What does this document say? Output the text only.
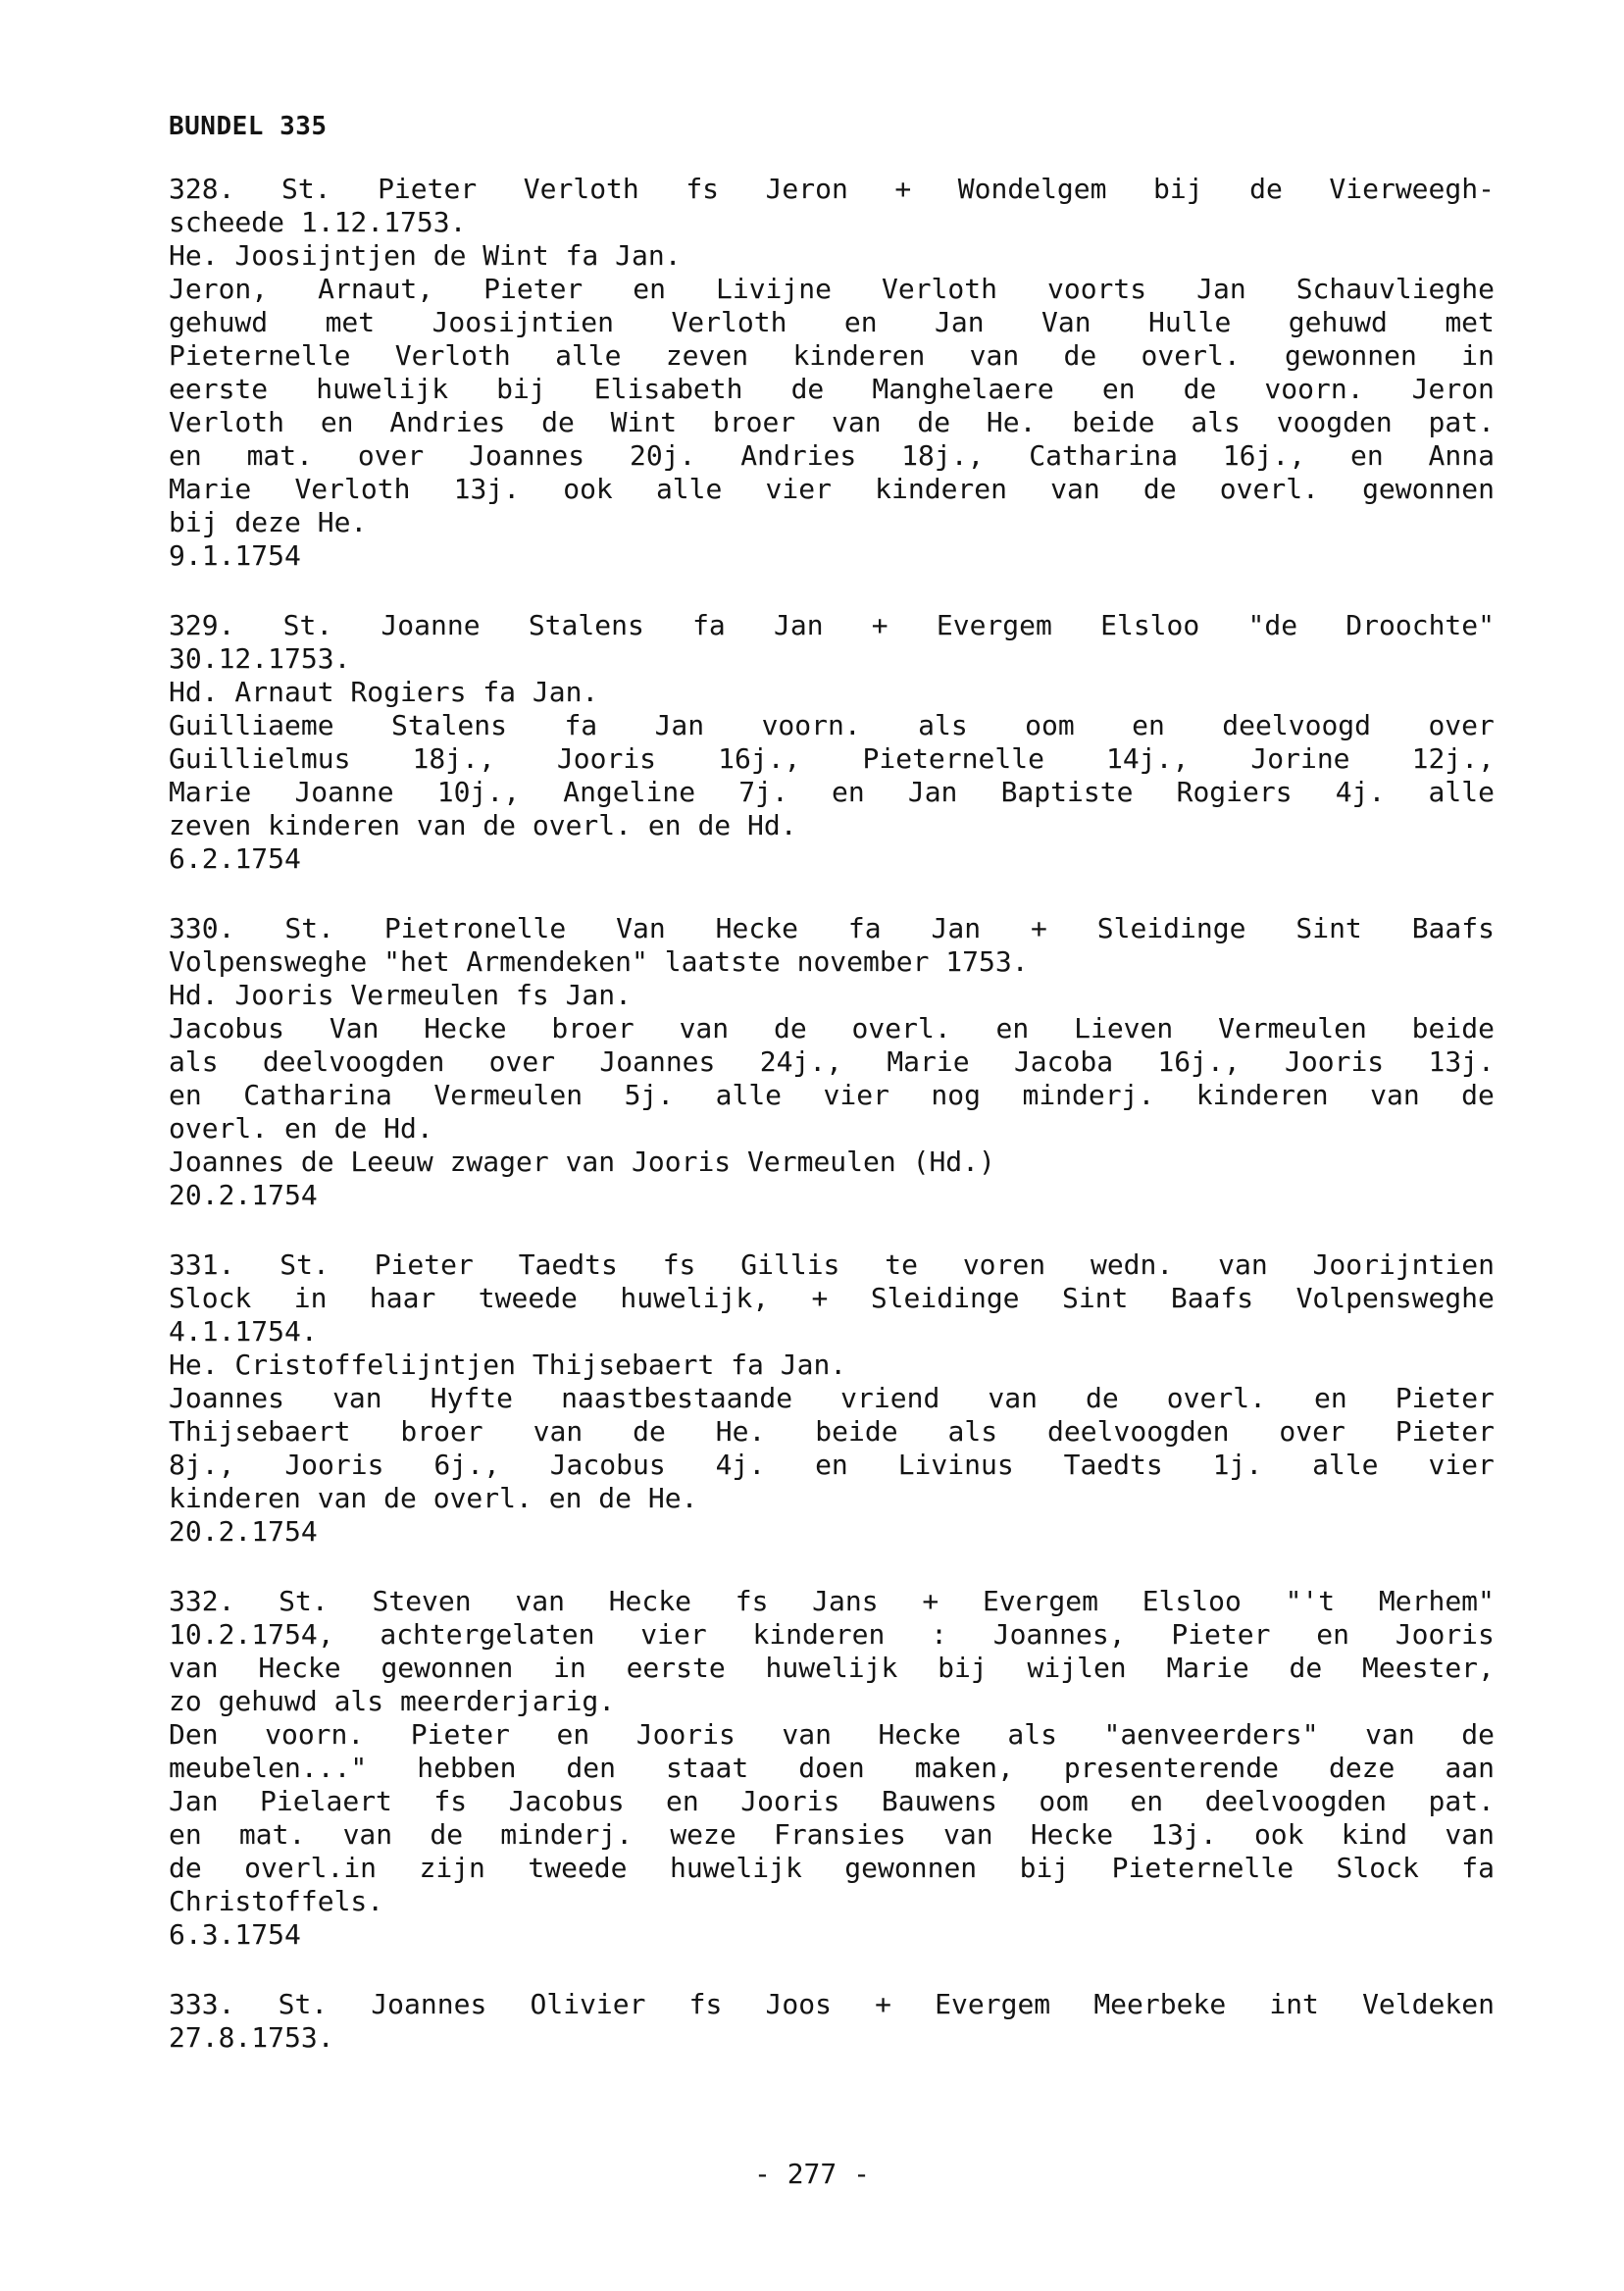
BUNDEL 335
328. St. Pieter Verloth fs Jeron + Wondelgem bij de Vierweegh-
scheede 1.12.1753.
He. Joosijntjen de Wint fa Jan.
Jeron, Arnaut, Pieter en Livijne Verloth voorts Jan Schauvlieghe
gehuwd met Joosijntien Verloth en Jan Van Hulle gehuwd met
Pieternelle Verloth alle zeven kinderen van de overl. gewonnen in
eerste huwelijk bij Elisabeth de Manghelaere en de voorn. Jeron
Verloth en Andries de Wint broer van de He. beide als voogden pat.
en mat. over Joannes 20j. Andries 18j., Catharina 16j., en Anna
Marie Verloth 13j. ook alle vier kinderen van de overl. gewonnen
bij deze He.
9.1.1754
329. St. Joanne Stalens fa Jan + Evergem Elsloo "de Droochte"
30.12.1753.
Hd. Arnaut Rogiers fa Jan.
Guilliaeme Stalens fa Jan voorn. als oom en deelvoogd over
Guillielmus 18j., Jooris 16j., Pieternelle 14j., Jorine 12j.,
Marie Joanne 10j., Angeline 7j. en Jan Baptiste Rogiers 4j. alle
zeven kinderen van de overl. en de Hd.
6.2.1754
330. St. Pietronelle Van Hecke fa Jan + Sleidinge Sint Baafs
Volpensweghe "het Armendeken" laatste november 1753.
Hd. Jooris Vermeulen fs Jan.
Jacobus Van Hecke broer van de overl. en Lieven Vermeulen beide
als deelvoogden over Joannes 24j., Marie Jacoba 16j., Jooris 13j.
en Catharina Vermeulen 5j. alle vier nog minderj. kinderen van de
overl. en de Hd.
Joannes de Leeuw zwager van Jooris Vermeulen (Hd.)
20.2.1754
331. St. Pieter Taedts fs Gillis te voren wedn. van Joorijntien
Slock in haar tweede huwelijk, + Sleidinge Sint Baafs Volpensweghe
4.1.1754.
He. Cristoffelijntjen Thijsebaert fa Jan.
Joannes van Hyfte naastbestaande vriend van de overl. en Pieter
Thijsebaert broer van de He. beide als deelvoogden over Pieter
8j., Jooris 6j., Jacobus 4j. en Livinus Taedts 1j. alle vier
kinderen van de overl. en de He.
20.2.1754
332. St. Steven van Hecke fs Jans + Evergem Elsloo "'t Merhem"
10.2.1754, achtergelaten vier kinderen : Joannes, Pieter en Jooris
van Hecke gewonnen in eerste huwelijk bij wijlen Marie de Meester,
zo gehuwd als meerderjarig.
Den voorn. Pieter en Jooris van Hecke als "aenveerders" van de
meubelen..." hebben den staat doen maken, presenterende deze aan
Jan Pielaert fs Jacobus en Jooris Bauwens oom en deelvoogden pat.
en mat. van de minderj. weze Fransies van Hecke 13j. ook kind van
de overl.in zijn tweede huwelijk gewonnen bij Pieternelle Slock fa
Christoffels.
6.3.1754
333. St. Joannes Olivier fs Joos + Evergem Meerbeke int Veldeken
27.8.1753.
- 277 -
